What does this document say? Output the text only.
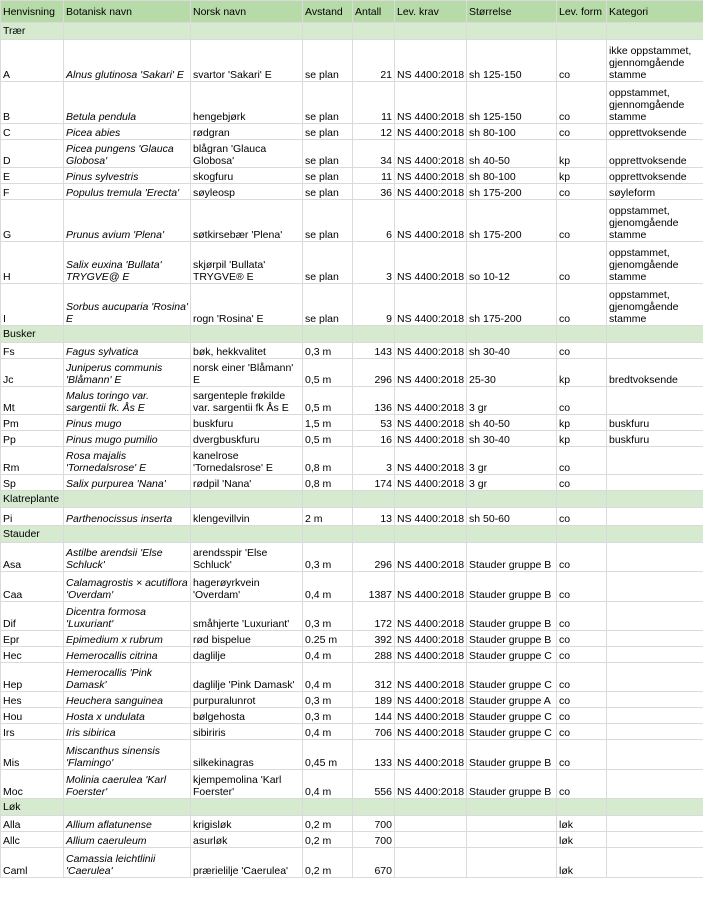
Henvisning	Botanisk navn	Norsk navn	Avstand	Antall	Lev. krav	Størrelse	Lev. form	Kategori
Trær								
A	Alnus glutinosa 'Sakari' E	svartor 'Sakari' E	se plan	21	NS 4400:2018	sh 125-150	co	ikke oppstammet, gjennomgående stamme
B	Betula pendula	hengebjørk	se plan	11	NS 4400:2018	sh 125-150	co	oppstammet, gjennomgående stamme
C	Picea abies	rødgran	se plan	12	NS 4400:2018	sh 80-100	co	opprettvoksende
D	Picea pungens 'Glauca Globosa'	blågran 'Glauca Globosa'	se plan	34	NS 4400:2018	sh 40-50	kp	opprettvoksende
E	Pinus sylvestris	skogfuru	se plan	11	NS 4400:2018	sh 80-100	kp	opprettvoksende
F	Populus tremula 'Erecta'	søyleosp	se plan	36	NS 4400:2018	sh 175-200	co	søyleform
G	Prunus avium 'Plena'	søtkirsebær 'Plena'	se plan	6	NS 4400:2018	sh 175-200	co	oppstammet, gjenomgående stamme
H	Salix euxina 'Bullata' TRYGVE@ E	skjørpil 'Bullata' TRYGVE® E	se plan	3	NS 4400:2018	so 10-12	co	oppstammet, gjenomgående stamme
I	Sorbus aucuparia 'Rosina' E	rogn 'Rosina' E	se plan	9	NS 4400:2018	sh 175-200	co	oppstammet, gjenomgående stamme
Busker								
Fs	Fagus sylvatica	bøk, hekkvalitet	0,3 m	143	NS 4400:2018	sh 30-40	co	
Jc	Juniperus communis 'Blåmann' E	norsk einer 'Blåmann' E	0,5 m	296	NS 4400:2018	25-30	kp	bredtvoksende
Mt	Malus toringo var. sargentii fk. Ås E	sargenteple frøkilde var. sargentii fk Ås E	0,5 m	136	NS 4400:2018	3 gr	co	
Pm	Pinus mugo	buskfuru	1,5 m	53	NS 4400:2018	sh 40-50	kp	buskfuru
Pp	Pinus mugo pumilio	dvergbuskfuru	0,5 m	16	NS 4400:2018	sh 30-40	kp	buskfuru
Rm	Rosa majalis 'Tornedalsrose' E	kanelrose 'Tornedalsrose' E	0,8 m	3	NS 4400:2018	3 gr	co	
Sp	Salix purpurea 'Nana'	rødpil 'Nana'	0,8 m	174	NS 4400:2018	3 gr	co	
Klatreplante								
Pi	Parthenocissus inserta	klengevillvin	2 m	13	NS 4400:2018	sh 50-60	co	
Stauder								
Asa	Astilbe arendsii 'Else Schluck'	arendsspir 'Else Schluck'	0,3 m	296	NS 4400:2018	Stauder gruppe B	co	
Caa	Calamagrostis × acutiflora 'Overdam'	hagerøyrkvein 'Overdam'	0,4 m	1387	NS 4400:2018	Stauder gruppe B	co	
Dif	Dicentra formosa 'Luxuriant'	småhjerte 'Luxuriant'	0,3 m	172	NS 4400:2018	Stauder gruppe B	co	
Epr	Epimedium x rubrum	rød bispelue	0.25 m	392	NS 4400:2018	Stauder gruppe B	co	
Hec	Hemerocallis citrina	daglilje	0,4 m	288	NS 4400:2018	Stauder gruppe C	co	
Hep	Hemerocallis 'Pink Damask'	daglilje 'Pink Damask'	0,4 m	312	NS 4400:2018	Stauder gruppe C	co	
Hes	Heuchera sanguinea	purpuralunrot	0,3 m	189	NS 4400:2018	Stauder gruppe A	co	
Hou	Hosta x undulata	bølgehosta	0,3 m	144	NS 4400:2018	Stauder gruppe C	co	
Irs	Iris sibirica	sibiriris	0,4 m	706	NS 4400:2018	Stauder gruppe C	co	
Mis	Miscanthus sinensis 'Flamingo'	silkekinagras	0,45 m	133	NS 4400:2018	Stauder gruppe B	co	
Moc	Molinia caerulea 'Karl Foerster'	kjempemolina 'Karl Foerster'	0,4 m	556	NS 4400:2018	Stauder gruppe B	co	
Løk								
Alla	Allium aflatunense	krigisløk	0,2 m	700			løk	
Allc	Allium caeruleum	asurløk	0,2 m	700			løk	
Caml	Camassia leichtlinii 'Caerulea'	prærielilje 'Caerulea'	0,2 m	670			løk	
